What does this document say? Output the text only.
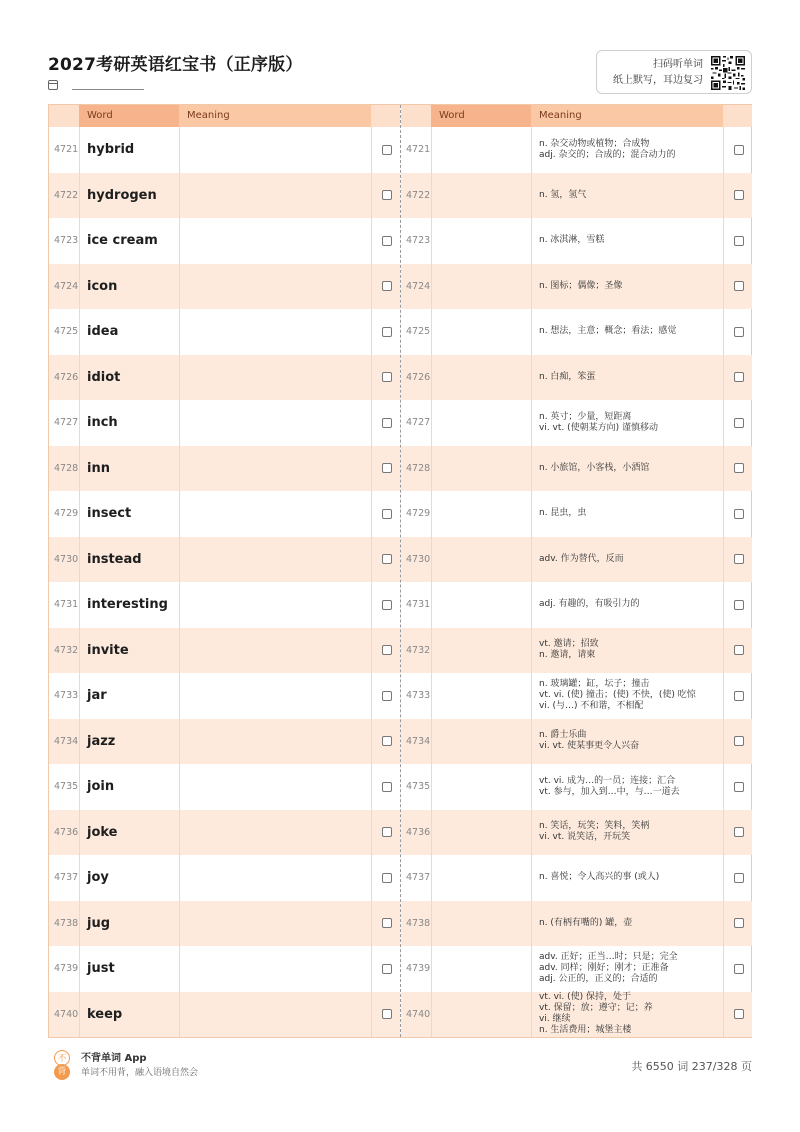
2027考研英语红宝书（正序版）	扫码听单词
纸上默写，耳边复习
Word	Meaning
4721 hybrid
4722 hydrogen
4723 ice cream
4724 icon
4725 idea
4726 idiot
4727 inch
4728 inn
4729 insect
4730 instead
4731 interesting
4732 invite
4733 jar
4734 jazz
4735 join
4736 joke
4737 joy
4738 jug
4739 just
4740 keep
Word	Meaning
4721
n. 杂交动物或植物；合成物
adj. 杂交的；合成的；混合动力的
4722	n. 氢，氢气
4723	n. 冰淇淋，雪糕
4724	n. 图标；偶像；圣像
4725	n. 想法，主意；概念；看法；感觉
4726	n. 白痴，笨蛋
4727
n. 英寸；少量，短距离
vi. vt. (使朝某方向) 谨慎移动
4728	n. 小旅馆，小客栈，小酒馆
4729	n. 昆虫，虫
4730	adv. 作为替代，反而
4731	adj. 有趣的，有吸引力的
4732
vt. 邀请；招致
n. 邀请，请柬
4733
n. 玻璃罐；缸，坛子；撞击
vt. vi. (使) 撞击；(使) 不快，(使) 吃惊
vi. (与…) 不和谐，不相配
4734
n. 爵士乐曲
vi. vt. 使某事更令人兴奋
4735
vt. vi. 成为…的一员；连接；汇合
vt. 参与，加入到…中，与…一道去
4736
n. 笑话，玩笑；笑料，笑柄
vi. vt. 说笑话，开玩笑
4737	n. 喜悦；令人高兴的事 (或人)
4738	n. (有柄有嘴的) 罐，壶
4739
adv. 正好；正当…时；只是；完全
adv. 同样；刚好；刚才；正准备
adj. 公正的，正义的；合适的
4740
vt. vi. (使) 保持，处于
vt. 保留；放；遵守；记；养
vi. 继续
n. 生活费用；城堡主楼
不
背
不背单词 App
单词不用背，融入语境自然会	共 6550 词 237/328 页
